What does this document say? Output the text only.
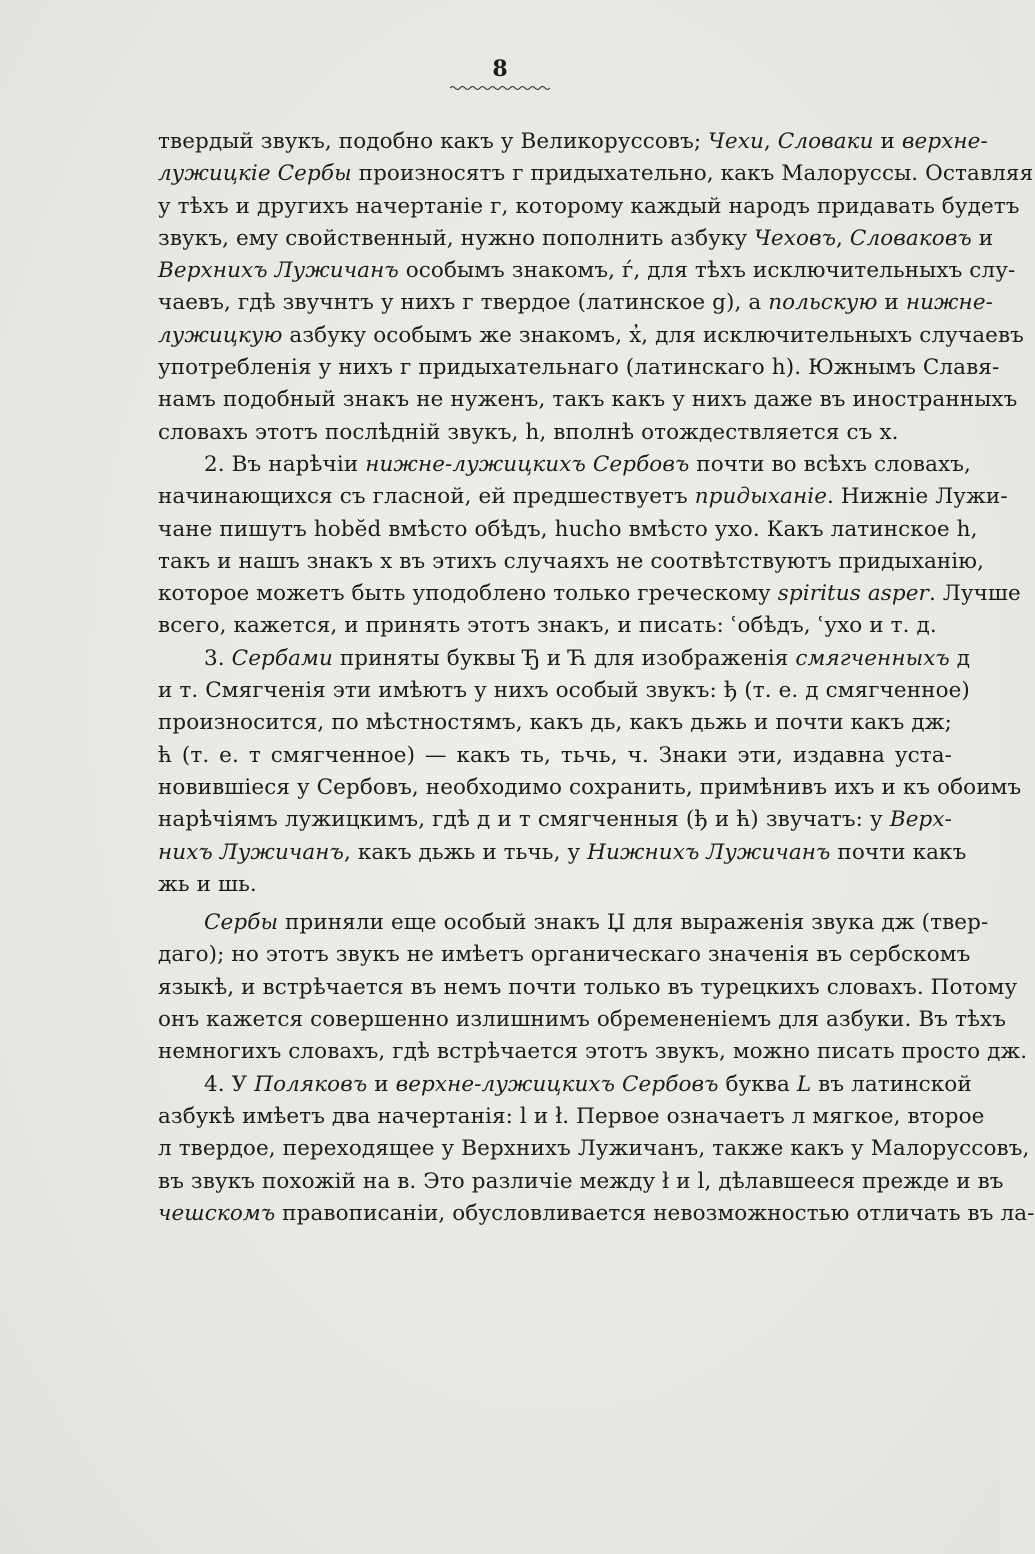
8
твердый звукъ, подобно какъ у Великоруссовъ; Чехи, Словаки и верхне-
лужицкіе Сербы произносятъ г придыхательно, какъ Малоруссы. Оставляя
у тѣхъ и другихъ начертаніе г, которому каждый народъ придавать будетъ
звукъ, ему свойственный, нужно пополнить азбуку Чеховъ, Словаковъ и
Верхнихъ Лужичанъ особымъ знакомъ, ѓ, для тѣхъ исключительныхъ слу-
чаевъ, гдѣ звучнтъ у нихъ г твердое (латинское g), а польскую и нижне-
лужицкую азбуку особымъ же знакомъ, х̓, для исключительныхъ случаевъ
употребленія у нихъ г придыхательнаго (латинскаго h). Южнымъ Славя-
намъ подобный знакъ не нуженъ, такъ какъ у нихъ даже въ иностранныхъ
словахъ этотъ послѣдній звукъ, h, вполнѣ отождествляется съ х.
2. Въ нарѣчіи нижне-лужицкихъ Сербовъ почти во всѣхъ словахъ,
начинающихся съ гласной, ей предшествуетъ придыханіе. Нижніе Лужи-
чане пишутъ hobĕd вмѣсто обѣдъ, hucho вмѣсто ухо. Какъ латинское h,
такъ и нашъ знакъ х въ этихъ случаяхъ не соотвѣтствуютъ придыханію,
которое можетъ быть уподоблено только греческому spiritus asper. Лучше
всего, кажется, и принять этотъ знакъ, и писать: ʿобѣдъ, ʿухо и т. д.
3. Сербами приняты буквы Ђ и Ћ для изображенія смягченныхъ д
и т. Смягченія эти имѣютъ у нихъ особый звукъ: ђ (т. е. д смягченное)
произносится, по мѣстностямъ, какъ дь, какъ дьжь и почти какъ дж;
ћ (т. е. т смягченное) — какъ ть, тьчь, ч. Знаки эти, издавна уста-
новившіеся у Сербовъ, необходимо сохранить, примѣнивъ ихъ и къ обоимъ
нарѣчіямъ лужицкимъ, гдѣ д и т смягченныя (ђ и ћ) звучатъ: у Верх-
нихъ Лужичанъ, какъ дьжь и тьчь, у Нижнихъ Лужичанъ почти какъ
жь и шь.
Сербы приняли еще особый знакъ Џ для выраженія звука дж (твер-
даго); но этотъ звукъ не имѣетъ органическаго значенія въ сербскомъ
языкѣ, и встрѣчается въ немъ почти только въ турецкихъ словахъ. Потому
онъ кажется совершенно излишнимъ обремененіемъ для азбуки. Въ тѣхъ
немногихъ словахъ, гдѣ встрѣчается этотъ звукъ, можно писать просто дж.
4. У Поляковъ и верхне-лужицкихъ Сербовъ буква L въ латинской
азбукѣ имѣетъ два начертанія: l и ł. Первое означаетъ л мягкое, второе
л твердое, переходящее у Верхнихъ Лужичанъ, также какъ у Малоруссовъ,
въ звукъ похожій на в. Это различіе между ł и l, дѣлавшееся прежде и въ
чешскомъ правописаніи, обусловливается невозможностью отличать въ ла-
